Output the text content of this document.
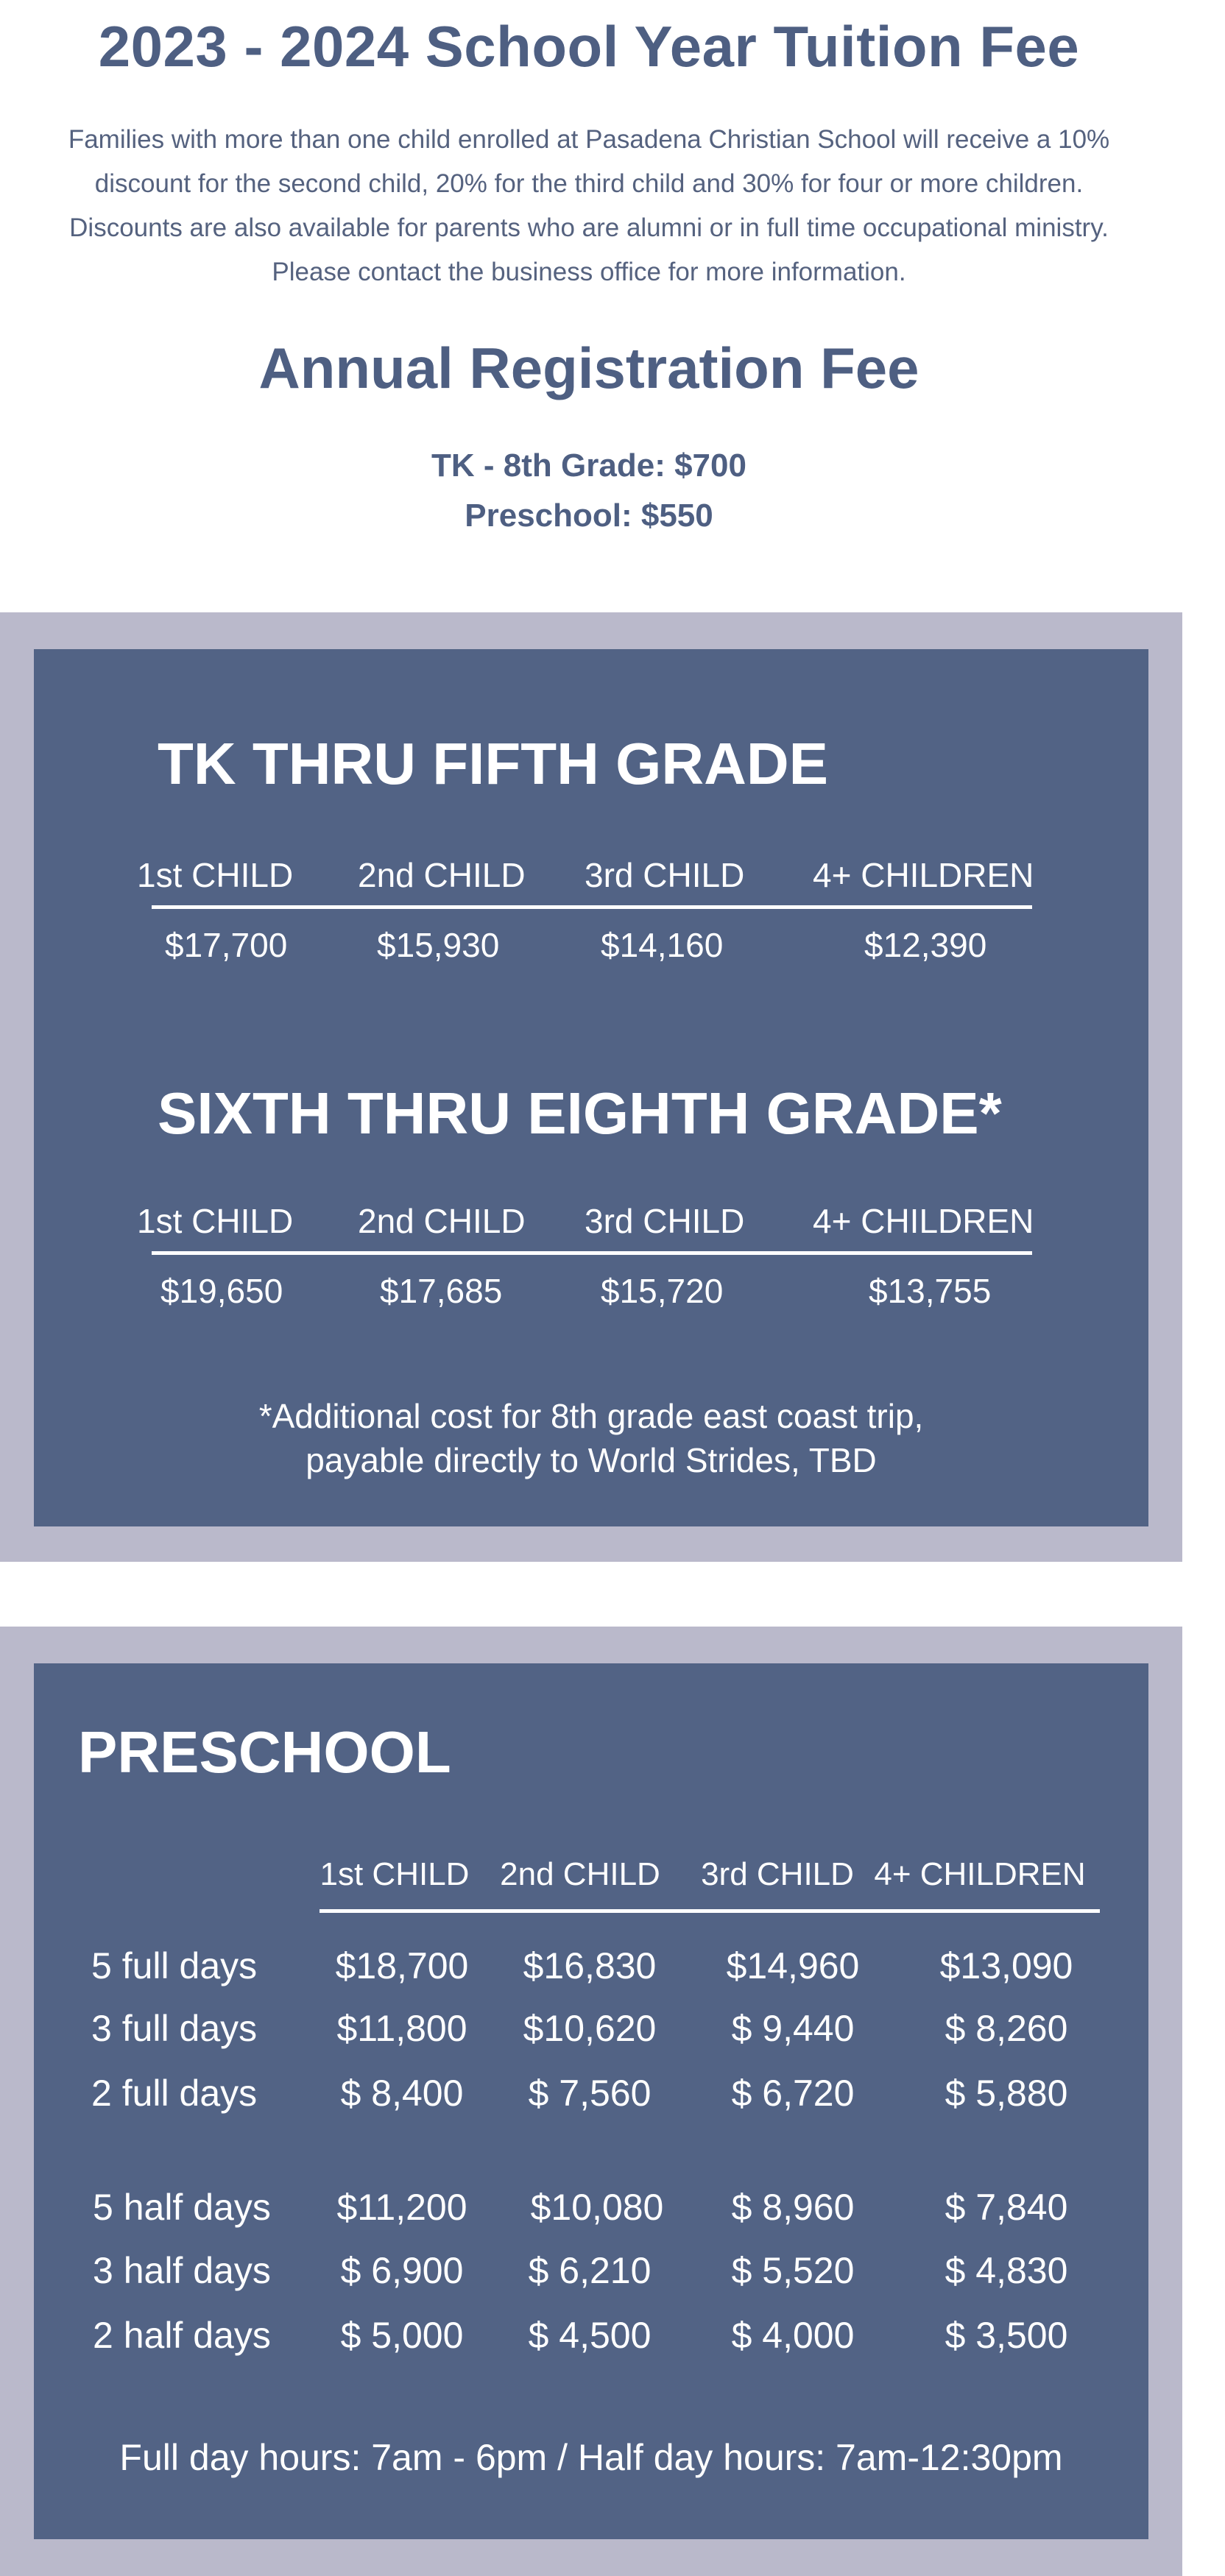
2023 - 2024 School Year Tuition Fee
Families with more than one child enrolled at Pasadena Christian School will receive a 10%
discount for the second child, 20% for the third child and 30% for four or more children.
Discounts are also available for parents who are alumni or in full time occupational ministry.
Please contact the business office for more information.
Annual Registration Fee
TK - 8th Grade: $700
Preschool: $550
TK THRU FIFTH GRADE
1st CHILD 2nd CHILD 3rd CHILD 4+ CHILDREN
$17,700	$15,930	$14,160	$12,390
SIXTH THRU EIGHTH GRADE*
1st CHILD 2nd CHILD 3rd CHILD 4+ CHILDREN
$19,650	$17,685	$15,720	$13,755
*Additional cost for 8th grade east coast trip,
payable directly to World Strides, TBD
PRESCHOOL
1st CHILD 2nd CHILD	3rd CHILD 4+ CHILDREN
5 full days	$18,700	$16,830	$14,960	$13,090
3 full days	$11,800	$10,620	$ 9,440	$ 8,260
2 full days	$ 8,400	$ 7,560	$ 6,720	$ 5,880
5 half days	$11,200	$10,080	$ 8,960	$ 7,840
3 half days	$ 6,900	$ 6,210	$ 5,520	$ 4,830
2 half days	$ 5,000	$ 4,500	$ 4,000	$ 3,500
Full day hours: 7am - 6pm / Half day hours: 7am-12:30pm
